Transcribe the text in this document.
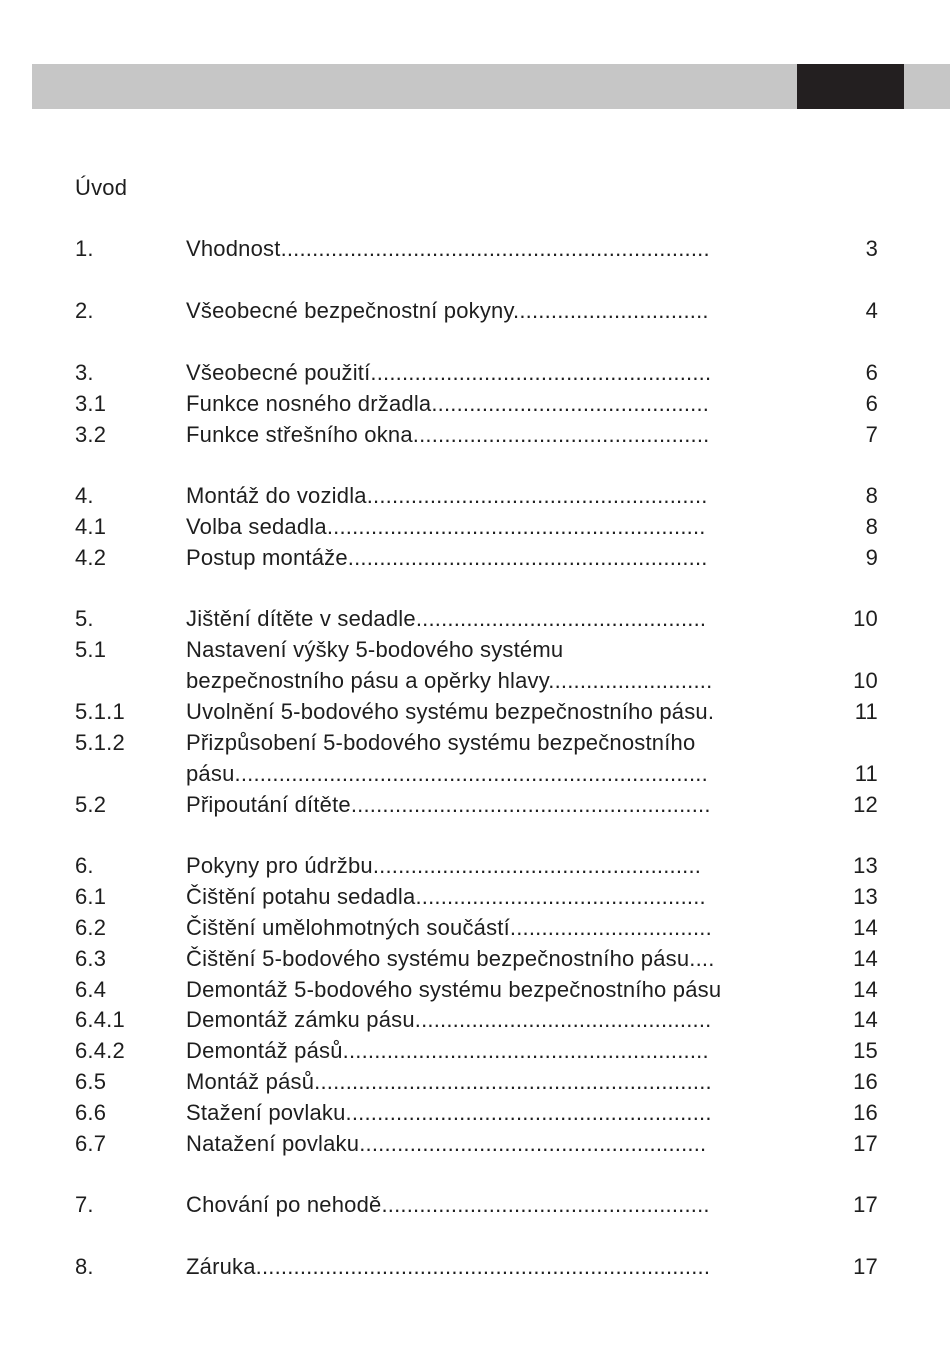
Úvod
1.	Vhodnost....................................................................	3
2.	Všeobecné bezpečnostní pokyny...............................	4
3.	Všeobecné použití......................................................	6
3.1	Funkce nosného držadla............................................	6
3.2	Funkce střešního okna...............................................	7
4.	Montáž do vozidla......................................................	8
4.1	Volba sedadla............................................................	8
4.2	Postup montáže.........................................................	9
5.	Jištění dítěte v sedadle..............................................	10
5.1	Nastavení výšky 5-bodového systému
bezpečnostního pásu a opěrky hlavy..........................	10
5.1.1	Uvolnění 5-bodového systému bezpečnostního pásu.	11
5.1.2	Přizpůsobení 5-bodového systému bezpečnostního
pásu...........................................................................	11
5.2	Připoutání dítěte.........................................................	12
6.	Pokyny pro údržbu....................................................	13
6.1	Čištění potahu sedadla..............................................	13
6.2	Čištění umělohmotných součástí................................	14
6.3	Čištění 5-bodového systému bezpečnostního pásu....	14
6.4	Demontáž 5-bodového systému bezpečnostního pásu	14
6.4.1	Demontáž zámku pásu...............................................	14
6.4.2	Demontáž pásů..........................................................	15
6.5	Montáž pásů...............................................................	16
6.6	Stažení povlaku..........................................................	16
6.7	Natažení povlaku.......................................................	17
7.	Chování po nehodě....................................................	17
8.	Záruka........................................................................	17
